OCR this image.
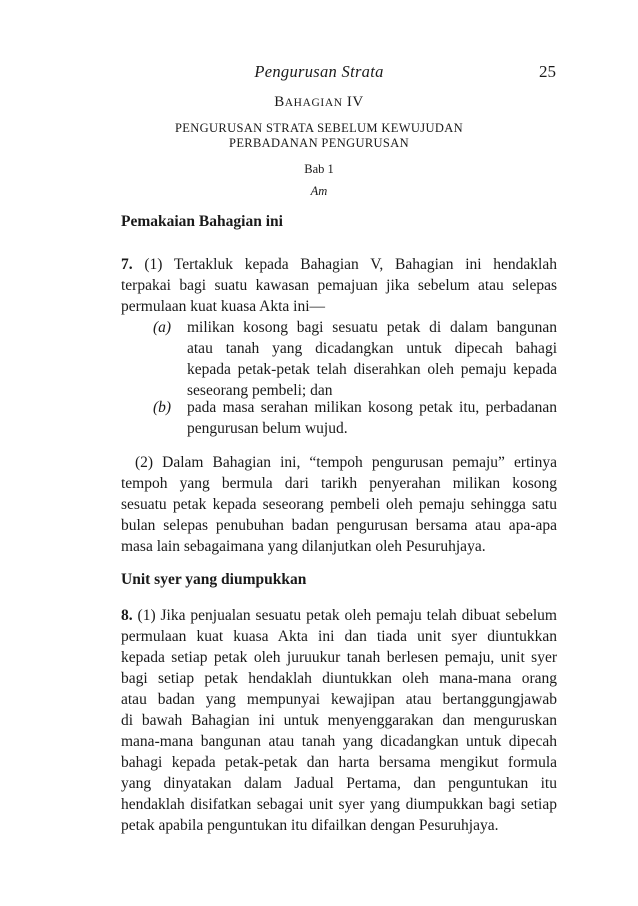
Pengurusan Strata	25
BAHAGIAN IV
PENGURUSAN STRATA SEBELUM KEWUJUDAN
PERBADANAN PENGURUSAN
Bab 1
Am
Pemakaian Bahagian ini
7. (1) Tertakluk kepada Bahagian V, Bahagian ini hendaklah
terpakai bagi suatu kawasan pemajuan jika sebelum atau selepas
permulaan kuat kuasa Akta ini—
(a) milikan kosong bagi sesuatu petak di dalam bangunan
atau tanah yang dicadangkan untuk dipecah bahagi
kepada petak-petak telah diserahkan oleh pemaju kepada
seseorang pembeli; dan
(b) pada masa serahan milikan kosong petak itu, perbadanan
pengurusan belum wujud.
(2) Dalam Bahagian ini, “tempoh pengurusan pemaju” ertinya
tempoh yang bermula dari tarikh penyerahan milikan kosong
sesuatu petak kepada seseorang pembeli oleh pemaju sehingga satu
bulan selepas penubuhan badan pengurusan bersama atau apa-apa
masa lain sebagaimana yang dilanjutkan oleh Pesuruhjaya.
Unit syer yang diumpukkan
8. (1) Jika penjualan sesuatu petak oleh pemaju telah dibuat sebelum
permulaan kuat kuasa Akta ini dan tiada unit syer diuntukkan
kepada setiap petak oleh juruukur tanah berlesen pemaju, unit syer
bagi setiap petak hendaklah diuntukkan oleh mana-mana orang
atau badan yang mempunyai kewajipan atau bertanggungjawab
di bawah Bahagian ini untuk menyenggarakan dan menguruskan
mana-mana bangunan atau tanah yang dicadangkan untuk dipecah
bahagi kepada petak-petak dan harta bersama mengikut formula
yang dinyatakan dalam Jadual Pertama, dan penguntukan itu
hendaklah disifatkan sebagai unit syer yang diumpukkan bagi setiap
petak apabila penguntukan itu difailkan dengan Pesuruhjaya.
